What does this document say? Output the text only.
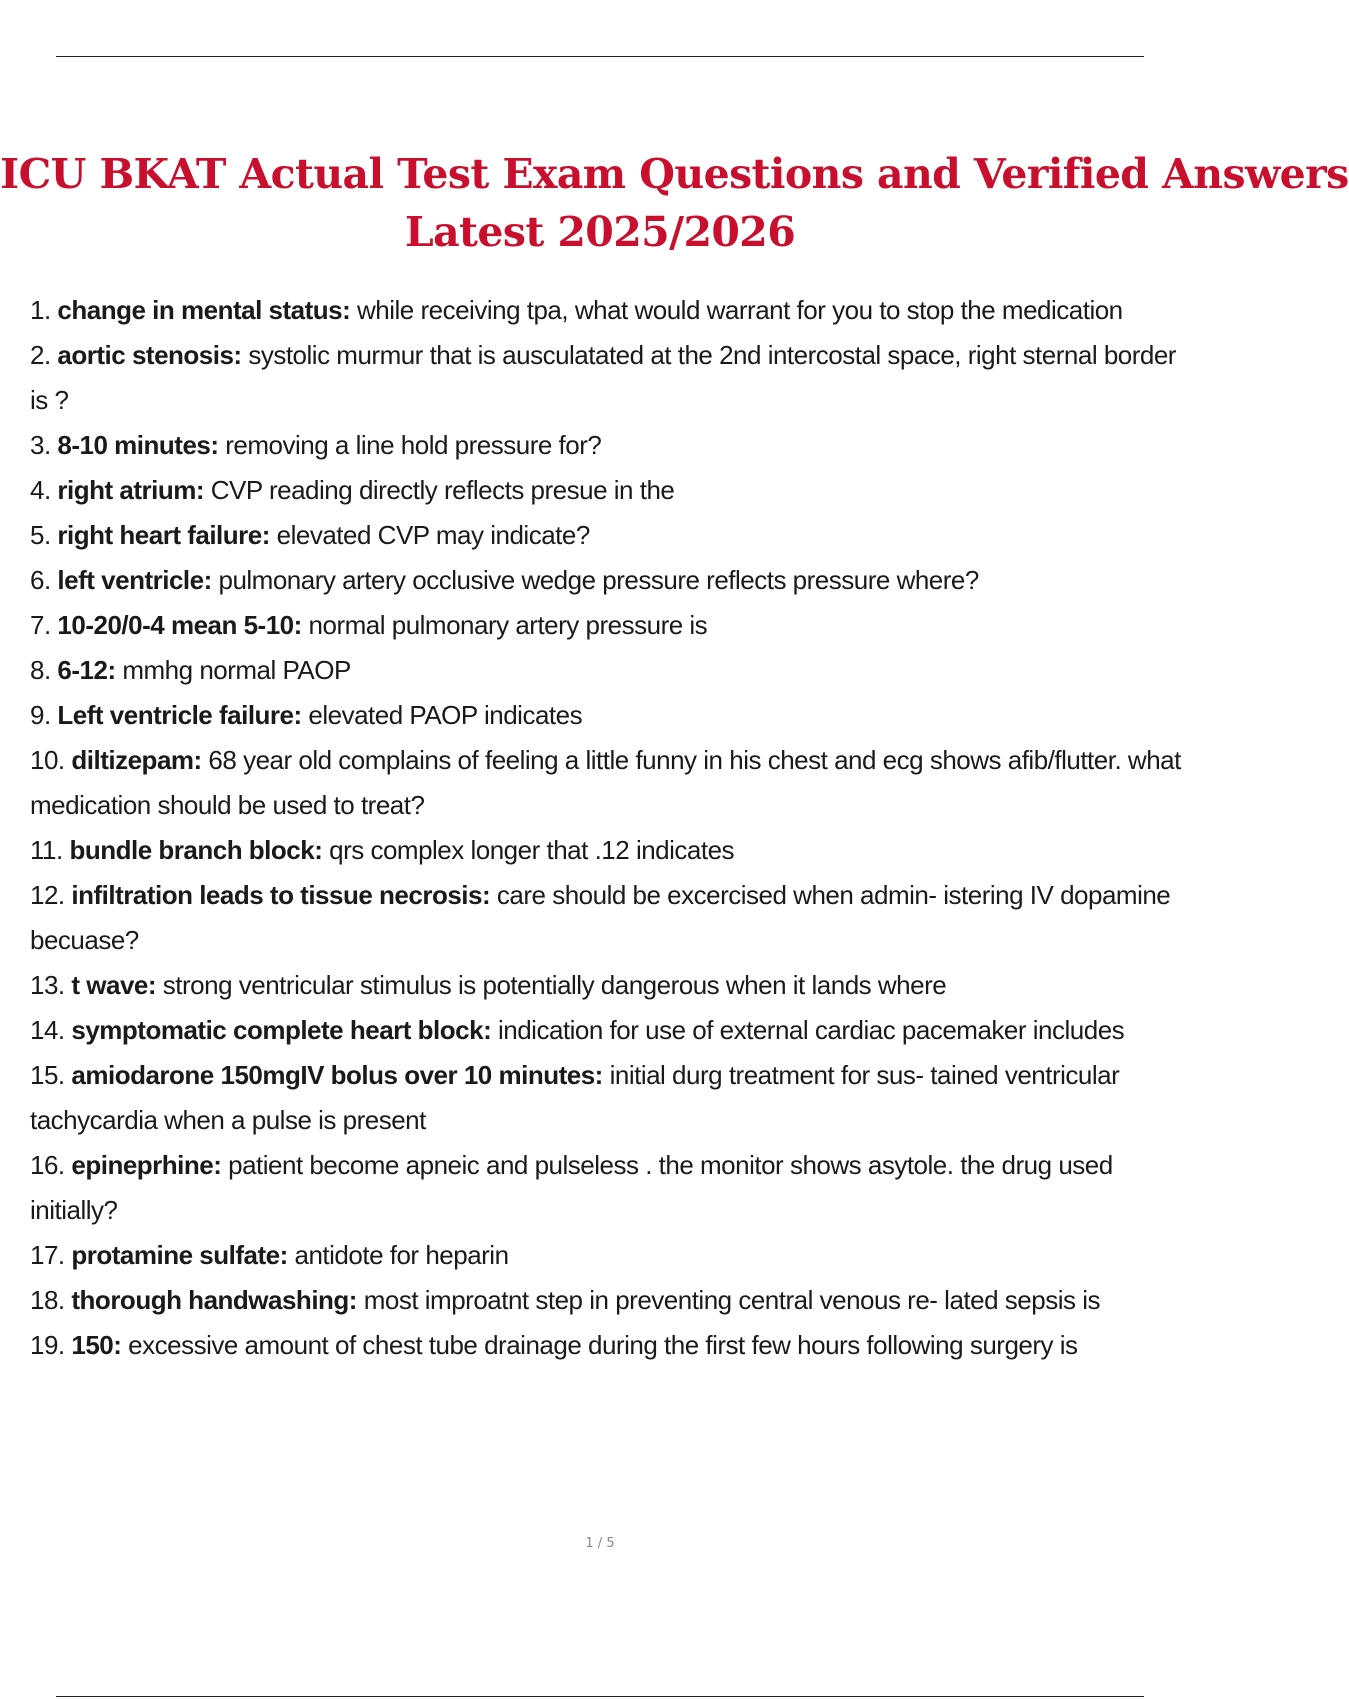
ICU BKAT Actual Test Exam Questions and Verified Answers
Latest 2025/2026
1. change in mental status: while receiving tpa, what would warrant for you to stop the medication
2. aortic stenosis: systolic murmur that is ausculatated at the 2nd intercostal space, right sternal border is ?
3. 8-10 minutes: removing a line hold pressure for?
4. right atrium: CVP reading directly reflects presue in the
5. right heart failure: elevated CVP may indicate?
6. left ventricle: pulmonary artery occlusive wedge pressure reflects pressure where?
7. 10-20/0-4 mean 5-10: normal pulmonary artery pressure is
8. 6-12: mmhg normal PAOP
9. Left ventricle failure: elevated PAOP indicates
10. diltizepam: 68 year old complains of feeling a little funny in his chest and ecg shows afib/flutter. what medication should be used to treat?
11. bundle branch block: qrs complex longer that .12 indicates
12. infiltration leads to tissue necrosis: care should be excercised when admin- istering IV dopamine becuase?
13. t wave: strong ventricular stimulus is potentially dangerous when it lands where
14. symptomatic complete heart block: indication for use of external cardiac pacemaker includes
15. amiodarone 150mgIV bolus over 10 minutes: initial durg treatment for sus- tained ventricular tachycardia when a pulse is present
16. epineprhine: patient become apneic and pulseless . the monitor shows asytole. the drug used initially?
17. protamine sulfate: antidote for heparin
18. thorough handwashing: most improatnt step in preventing central venous re- lated sepsis is
19. 150: excessive amount of chest tube drainage during the first few hours following surgery is
1 / 5
